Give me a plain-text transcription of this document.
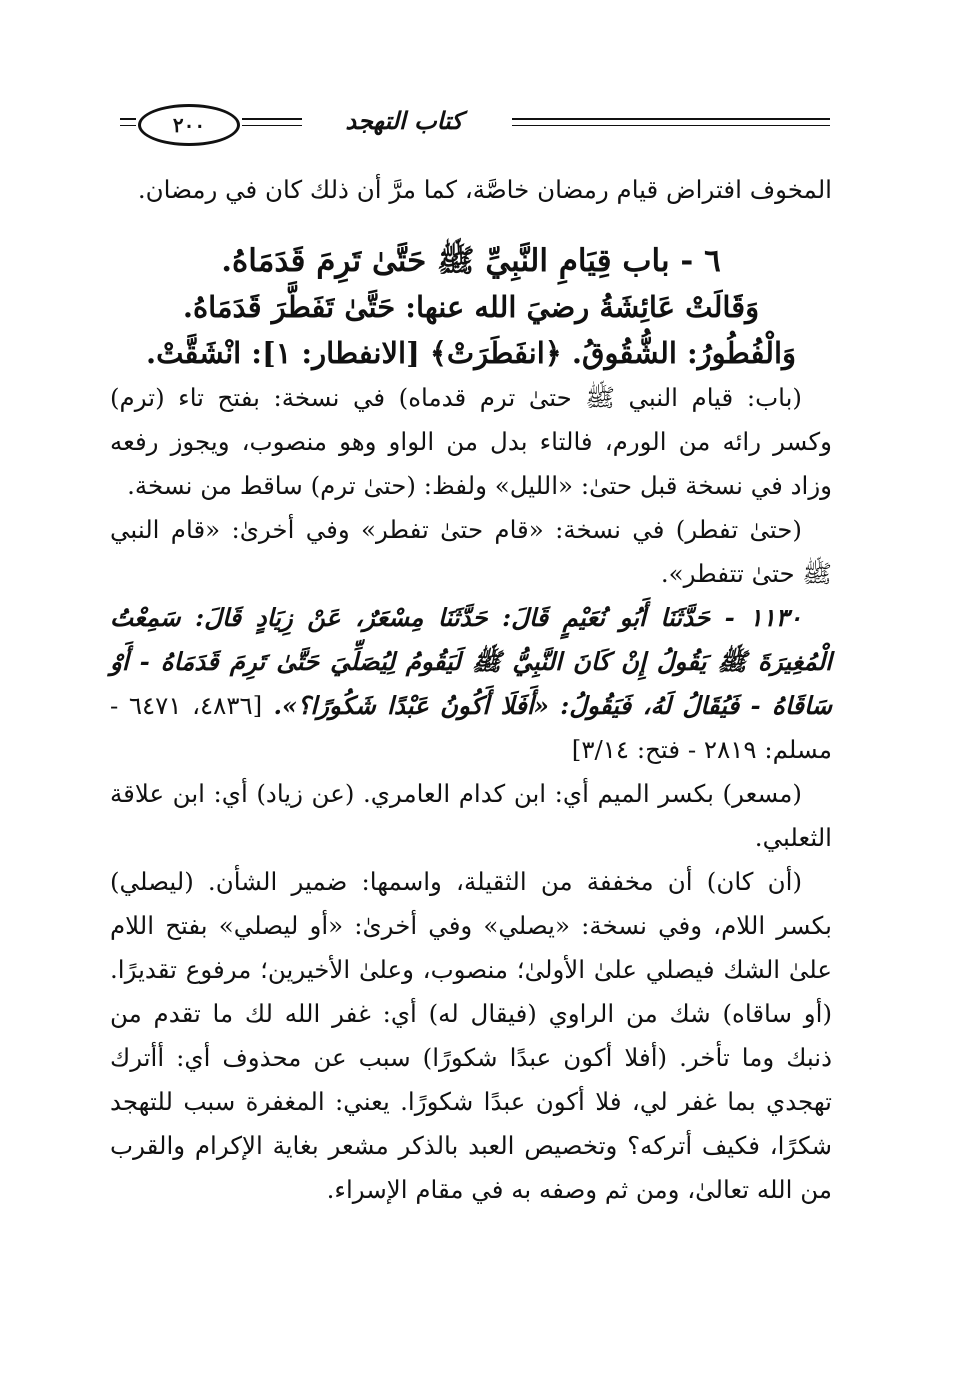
٢٠٠	كتاب التهجد

المخوف افتراض قيام رمضان خاصَّة، كما مرَّ أن ذلك كان في رمضان.

٦ - باب قِيَامِ النَّبِيِّ ﷺ حَتَّىٰ تَرِمَ قَدَمَاهُ.

وَقَالَتْ عَائِشَةُ رضيَ الله عنها: حَتَّىٰ تَفَطَّرَ قَدَمَاهُ.

وَالْفُطُورُ: الشُّقُوقُ. ﴿انفَطَرَتْ﴾ [الانفطار: ١]: انْشَقَّتْ.

(باب: قيام النبي ﷺ حتىٰ ترم قدماه) في نسخة: بفتح تاء (ترم) وكسر رائه من الورم، فالتاء بدل من الواو وهو منصوب، ويجوز رفعه وزاد في نسخة قبل حتىٰ: «الليل» ولفظ: (حتىٰ ترم) ساقط من نسخة.

(حتىٰ تفطر) في نسخة: «قام حتىٰ تفطر» وفي أخرىٰ: «قام النبي ﷺ حتىٰ تتفطر».

١١٣٠ - حَدَّثَنَا أَبُو نُعَيْمٍ قَالَ: حَدَّثَنَا مِسْعَرٌ، عَنْ زِيَادٍ قَالَ: سَمِعْتُ الْمُغِيرَةَ ﷺ يَقُولُ إِنْ كَانَ النَّبِيُّ ﷺ لَيَقُومُ لِيُصَلِّيَ حَتَّىٰ تَرِمَ قَدَمَاهُ - أَوْ سَاقَاهُ - فَيُقَالُ لَهُ، فَيَقُولُ: «أَفَلَا أَكُونُ عَبْدًا شَكُورًا؟». [٤٨٣٦، ٦٤٧١ - مسلم: ٢٨١٩ - فتح: ٣/١٤]

(مسعر) بكسر الميم أي: ابن كدام العامري. (عن زياد) أي: ابن علاقة الثعلبي.

(أن كان) أن مخففة من الثقيلة، واسمها: ضمير الشأن. (ليصلي) بكسر اللام، وفي نسخة: «يصلي» وفي أخرىٰ: «أو ليصلي» بفتح اللام علىٰ الشك فيصلي علىٰ الأولىٰ؛ منصوب، وعلىٰ الأخيرين؛ مرفوع تقديرًا. (أو ساقاه) شك من الراوي (فيقال له) أي: غفر الله لك ما تقدم من ذنبك وما تأخر. (أفلا أكون عبدًا شكورًا) سبب عن محذوف أي: أأترك تهجدي بما غفر لي، فلا أكون عبدًا شكورًا. يعني: المغفرة سبب للتهجد شكرًا، فكيف أتركه؟ وتخصيص العبد بالذكر مشعر بغاية الإكرام والقرب من الله تعالىٰ، ومن ثم وصفه به في مقام الإسراء.
